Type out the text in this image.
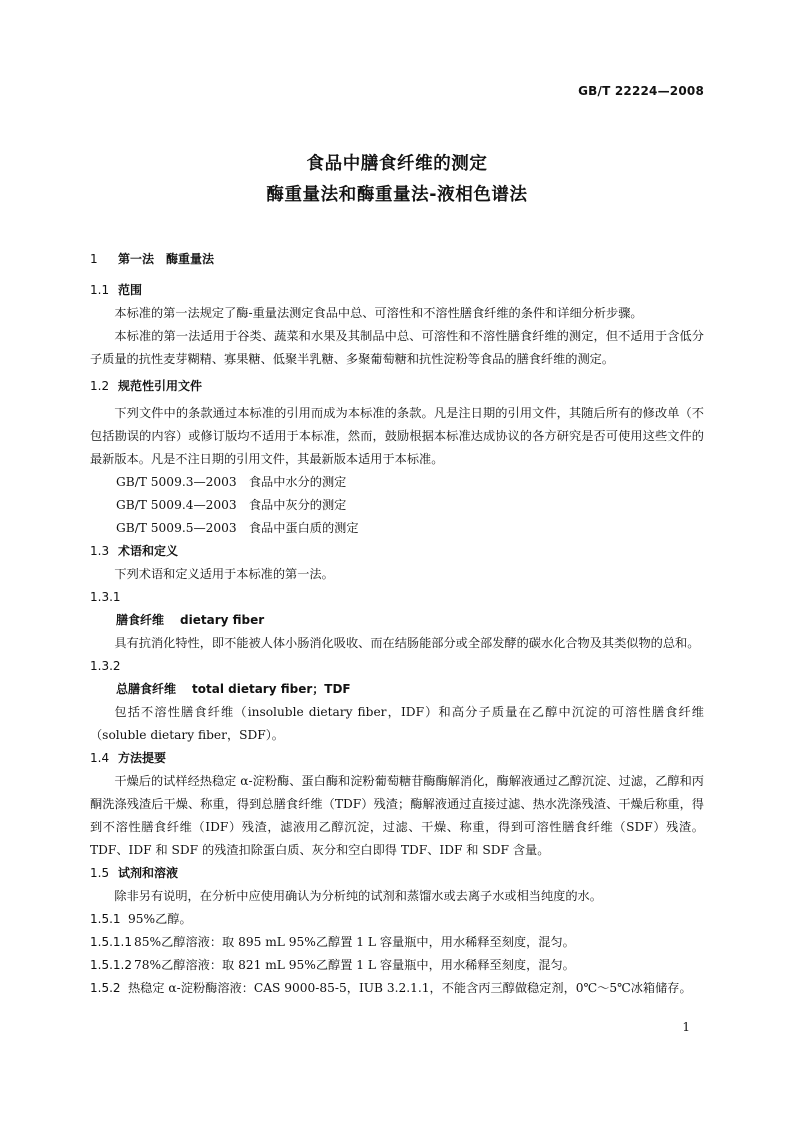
GB/T 22224—2008
食品中膳食纤维的测定
酶重量法和酶重量法-液相色谱法
1 第一法　酶重量法
1.1 范围
本标准的第一法规定了酶-重量法测定食品中总、可溶性和不溶性膳食纤维的条件和详细分析步骤。
本标准的第一法适用于谷类、蔬菜和水果及其制品中总、可溶性和不溶性膳食纤维的测定，但不适用于含低分子质量的抗性麦芽糊精、寡果糖、低聚半乳糖、多聚葡萄糖和抗性淀粉等食品的膳食纤维的测定。
1.2 规范性引用文件
下列文件中的条款通过本标准的引用而成为本标准的条款。凡是注日期的引用文件，其随后所有的修改单（不包括勘误的内容）或修订版均不适用于本标准，然而，鼓励根据本标准达成协议的各方研究是否可使用这些文件的最新版本。凡是不注日期的引用文件，其最新版本适用于本标准。
GB/T 5009.3—2003　食品中水分的测定
GB/T 5009.4—2003　食品中灰分的测定
GB/T 5009.5—2003　食品中蛋白质的测定
1.3 术语和定义
下列术语和定义适用于本标准的第一法。
1.3.1
膳食纤维 dietary fiber
具有抗消化特性，即不能被人体小肠消化吸收、而在结肠能部分或全部发酵的碳水化合物及其类似物的总和。
1.3.2
总膳食纤维 total dietary fiber；TDF
包括不溶性膳食纤维（insoluble dietary fiber，IDF）和高分子质量在乙醇中沉淀的可溶性膳食纤维（soluble dietary fiber，SDF）。
1.4 方法提要
干燥后的试样经热稳定 α-淀粉酶、蛋白酶和淀粉葡萄糖苷酶酶解消化，酶解液通过乙醇沉淀、过滤，乙醇和丙酮洗涤残渣后干燥、称重，得到总膳食纤维（TDF）残渣；酶解液通过直接过滤、热水洗涤残渣、干燥后称重，得到不溶性膳食纤维（IDF）残渣，滤液用乙醇沉淀，过滤、干燥、称重，得到可溶性膳食纤维（SDF）残渣。TDF、IDF 和 SDF 的残渣扣除蛋白质、灰分和空白即得 TDF、IDF 和 SDF 含量。
1.5 试剂和溶液
除非另有说明，在分析中应使用确认为分析纯的试剂和蒸馏水或去离子水或相当纯度的水。
1.5.1 95%乙醇。
1.5.1.1 85%乙醇溶液：取 895 mL 95%乙醇置 1 L 容量瓶中，用水稀释至刻度，混匀。
1.5.1.2 78%乙醇溶液：取 821 mL 95%乙醇置 1 L 容量瓶中，用水稀释至刻度，混匀。
1.5.2 热稳定 α-淀粉酶溶液：CAS 9000-85-5，IUB 3.2.1.1，不能含丙三醇做稳定剂，0℃～5℃冰箱储存。
1
